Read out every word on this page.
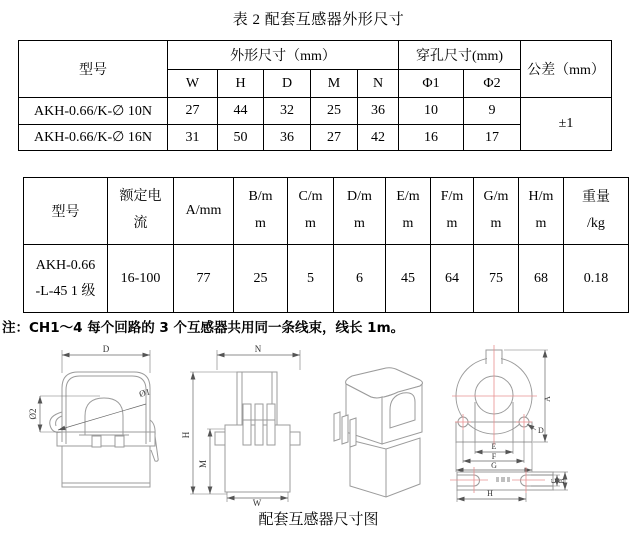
表 2 配套互感器外形尺寸
型号	外形尺寸（mm）					穿孔尺寸(mm)		公差（mm）
	W	H	D	M	N	Φ1	Φ2	
AKH-0.66/K-∅ 10N	27	44	32	25	36	10	9	±1
AKH-0.66/K-∅ 16N	31	50	36	27	42	16	17	
型号	额定电流	A/mm	B/mm	C/mm	D/mm	E/mm	F/mm	G/mm	H/mm	重量
/kg

AKH-0.66
-L-45 1 级	16-100	77	25	5	6	45	64	75	68	0.18
注：CH1～4 每个回路的 3 个互感器共用同一条线束，线长 1m。
D
Ø2
Ø1
N
H
M
W
A
D
E
F
G
C B
H
配套互感器尺寸图
